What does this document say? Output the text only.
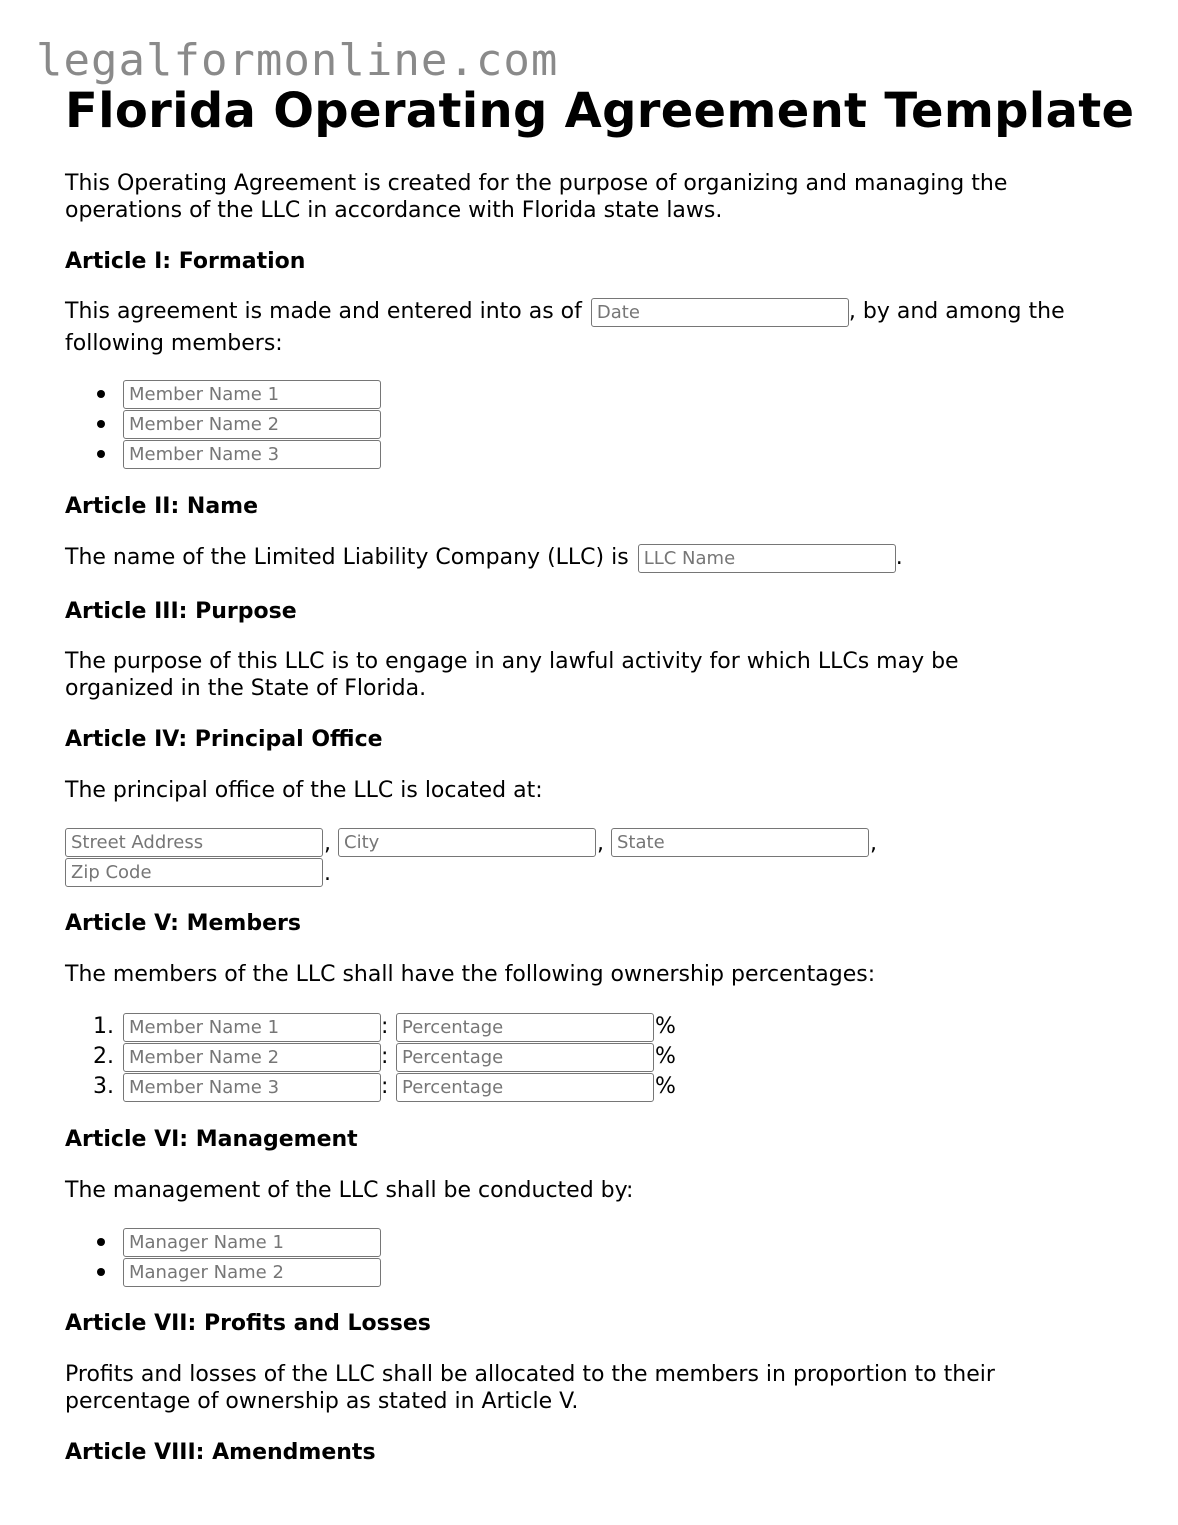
legalformonline.com
Florida Operating Agreement Template

This Operating Agreement is created for the purpose of organizing and managing the operations of the LLC in accordance with Florida state laws.

Article I: Formation
This agreement is made and entered into as of Date	, by and among the

following members:

Member Name 1
Member Name 2
Member Name 3
Article II: Name
The name of the Limited Liability Company (LLC) is LLC Name	.
Article III: Purpose

The purpose of this LLC is to engage in any lawful activity for which LLCs may be organized in the State of Florida.

Article IV: Principal Office

The principal office of the LLC is located at:

Street Address
,
City	,
State	,
Zip Code
.
Article V: Members

The members of the LLC shall have the following ownership percentages:

1.
Member Name 1	:
Percentage	%
2.
Member Name 2	:
Percentage	%
3.
Member Name 3	:
Percentage	%
Article VI: Management

The management of the LLC shall be conducted by:

Manager Name 1
Manager Name 2
Article VII: Profits and Losses

Profits and losses of the LLC shall be allocated to the members in proportion to their percentage of ownership as stated in Article V.

Article VIII: Amendments
